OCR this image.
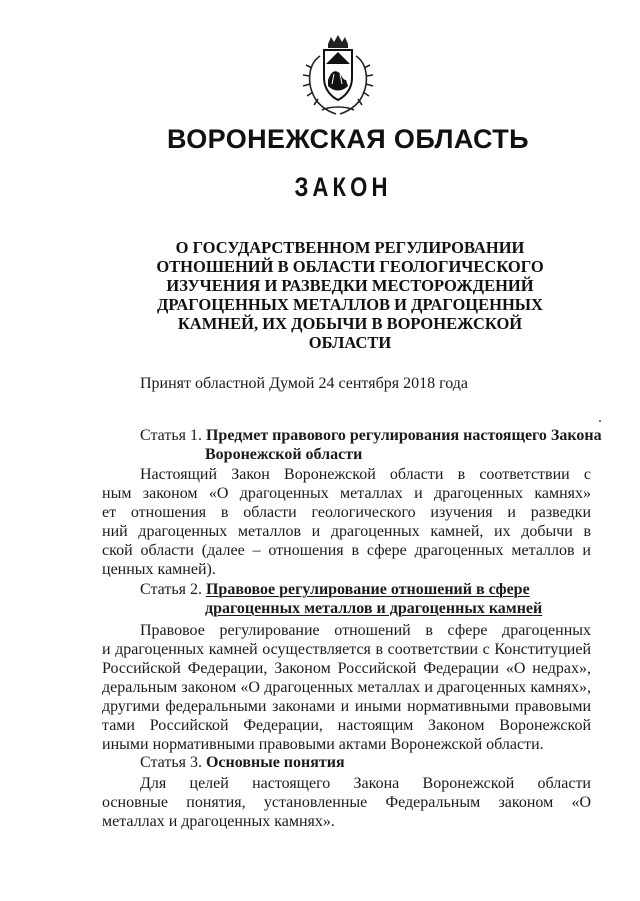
ВОРОНЕЖСКАЯ ОБЛАСТЬ
ЗАКОН
О ГОСУДАРСТВЕННОМ РЕГУЛИРОВАНИИ
ОТНОШЕНИЙ В ОБЛАСТИ ГЕОЛОГИЧЕСКОГО
ИЗУЧЕНИЯ И РАЗВЕДКИ МЕСТОРОЖДЕНИЙ
ДРАГОЦЕННЫХ МЕТАЛЛОВ И ДРАГОЦЕННЫХ
КАМНЕЙ, ИХ ДОБЫЧИ В ВОРОНЕЖСКОЙ
ОБЛАСТИ
Принят областной Думой 24 сентября 2018 года
Статья 1. Предмет правового регулирования настоящего Закона
Воронежской области
Настоящий Закон Воронежской области в соответствии с
ным законом «О драгоценных металлах и драгоценных камнях»
ет отношения в области геологического изучения и разведки
ний драгоценных металлов и драгоценных камней, их добычи в
ской области (далее – отношения в сфере драгоценных металлов и
ценных камней).
Статья 2. Правовое регулирование отношений в сфере
драгоценных металлов и драгоценных камней
Правовое регулирование отношений в сфере драгоценных
и драгоценных камней осуществляется в соответствии с Конституцией
Российской Федерации, Законом Российской Федерации «О недрах»,
деральным законом «О драгоценных металлах и драгоценных камнях»,
другими федеральными законами и иными нормативными правовыми
тами Российской Федерации, настоящим Законом Воронежской
иными нормативными правовыми актами Воронежской области.
Статья 3. Основные понятия
Для целей настоящего Закона Воронежской области
основные понятия, установленные Федеральным законом «О
металлах и драгоценных камнях».
